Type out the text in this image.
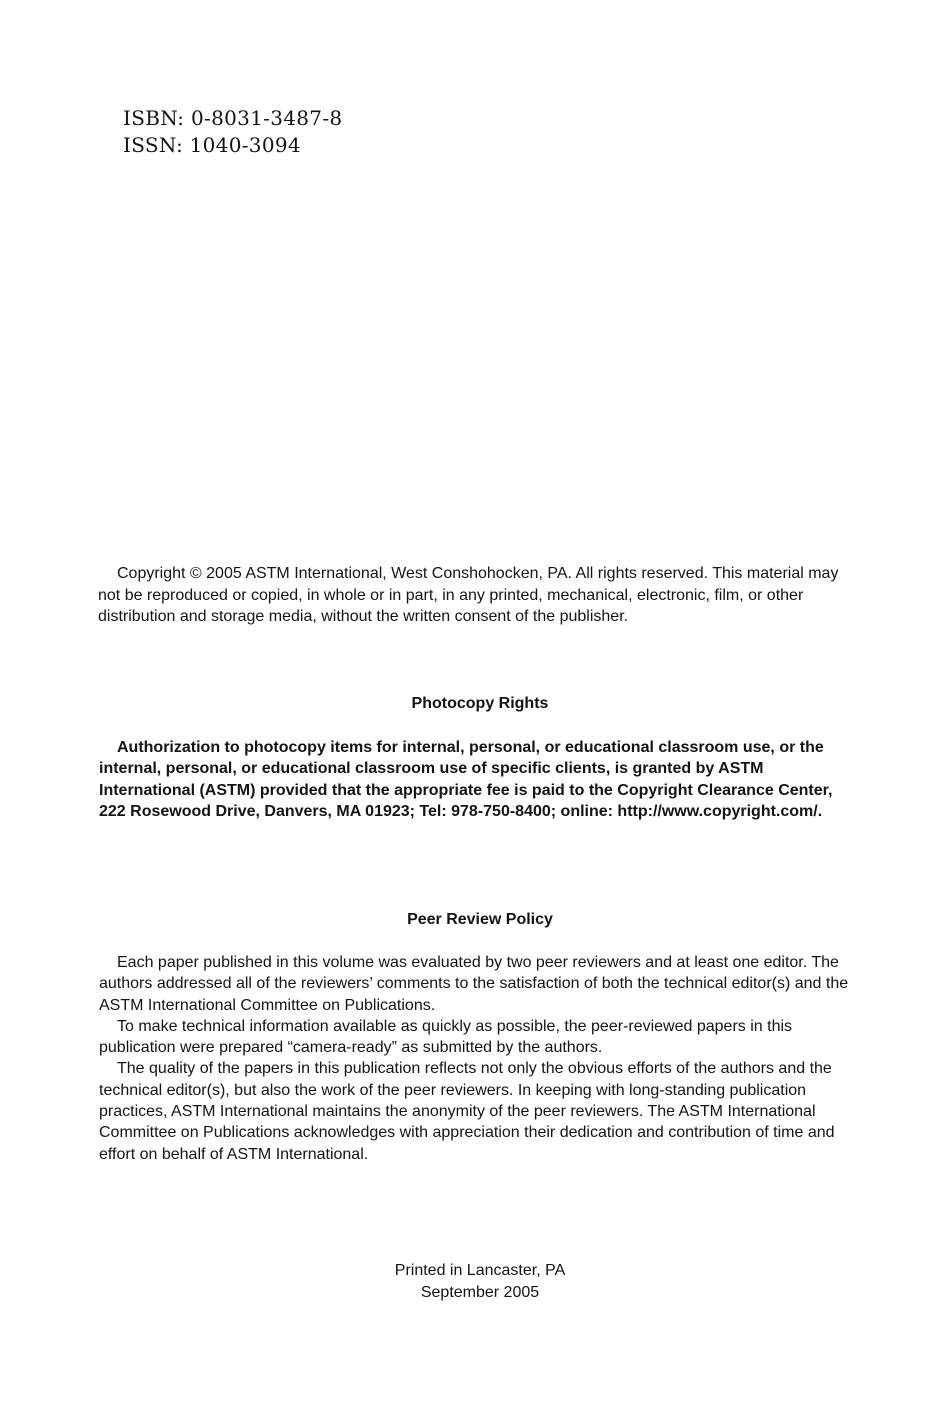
ISBN: 0-8031-3487-8
ISSN: 1040-3094

Copyright © 2005 ASTM International, West Conshohocken, PA. All rights reserved. This material may not be reproduced or copied, in whole or in part, in any printed, mechanical, electronic, film, or other distribution and storage media, without the written consent of the publisher.

Photocopy Rights

Authorization to photocopy items for internal, personal, or educational classroom use, or the internal, personal, or educational classroom use of specific clients, is granted by ASTM International (ASTM) provided that the appropriate fee is paid to the Copyright Clearance Center, 222 Rosewood Drive, Danvers, MA 01923; Tel: 978-750-8400; online: http://www.copyright.com/.

Peer Review Policy

Each paper published in this volume was evaluated by two peer reviewers and at least one editor. The authors addressed all of the reviewers’ comments to the satisfaction of both the technical editor(s) and the ASTM International Committee on Publications.

To make technical information available as quickly as possible, the peer-reviewed papers in this publication were prepared “camera-ready” as submitted by the authors.

The quality of the papers in this publication reflects not only the obvious efforts of the authors and the technical editor(s), but also the work of the peer reviewers. In keeping with long-standing publication practices, ASTM International maintains the anonymity of the peer reviewers. The ASTM International Committee on Publications acknowledges with appreciation their dedication and contribution of time and effort on behalf of ASTM International.

Printed in Lancaster, PA
September 2005
